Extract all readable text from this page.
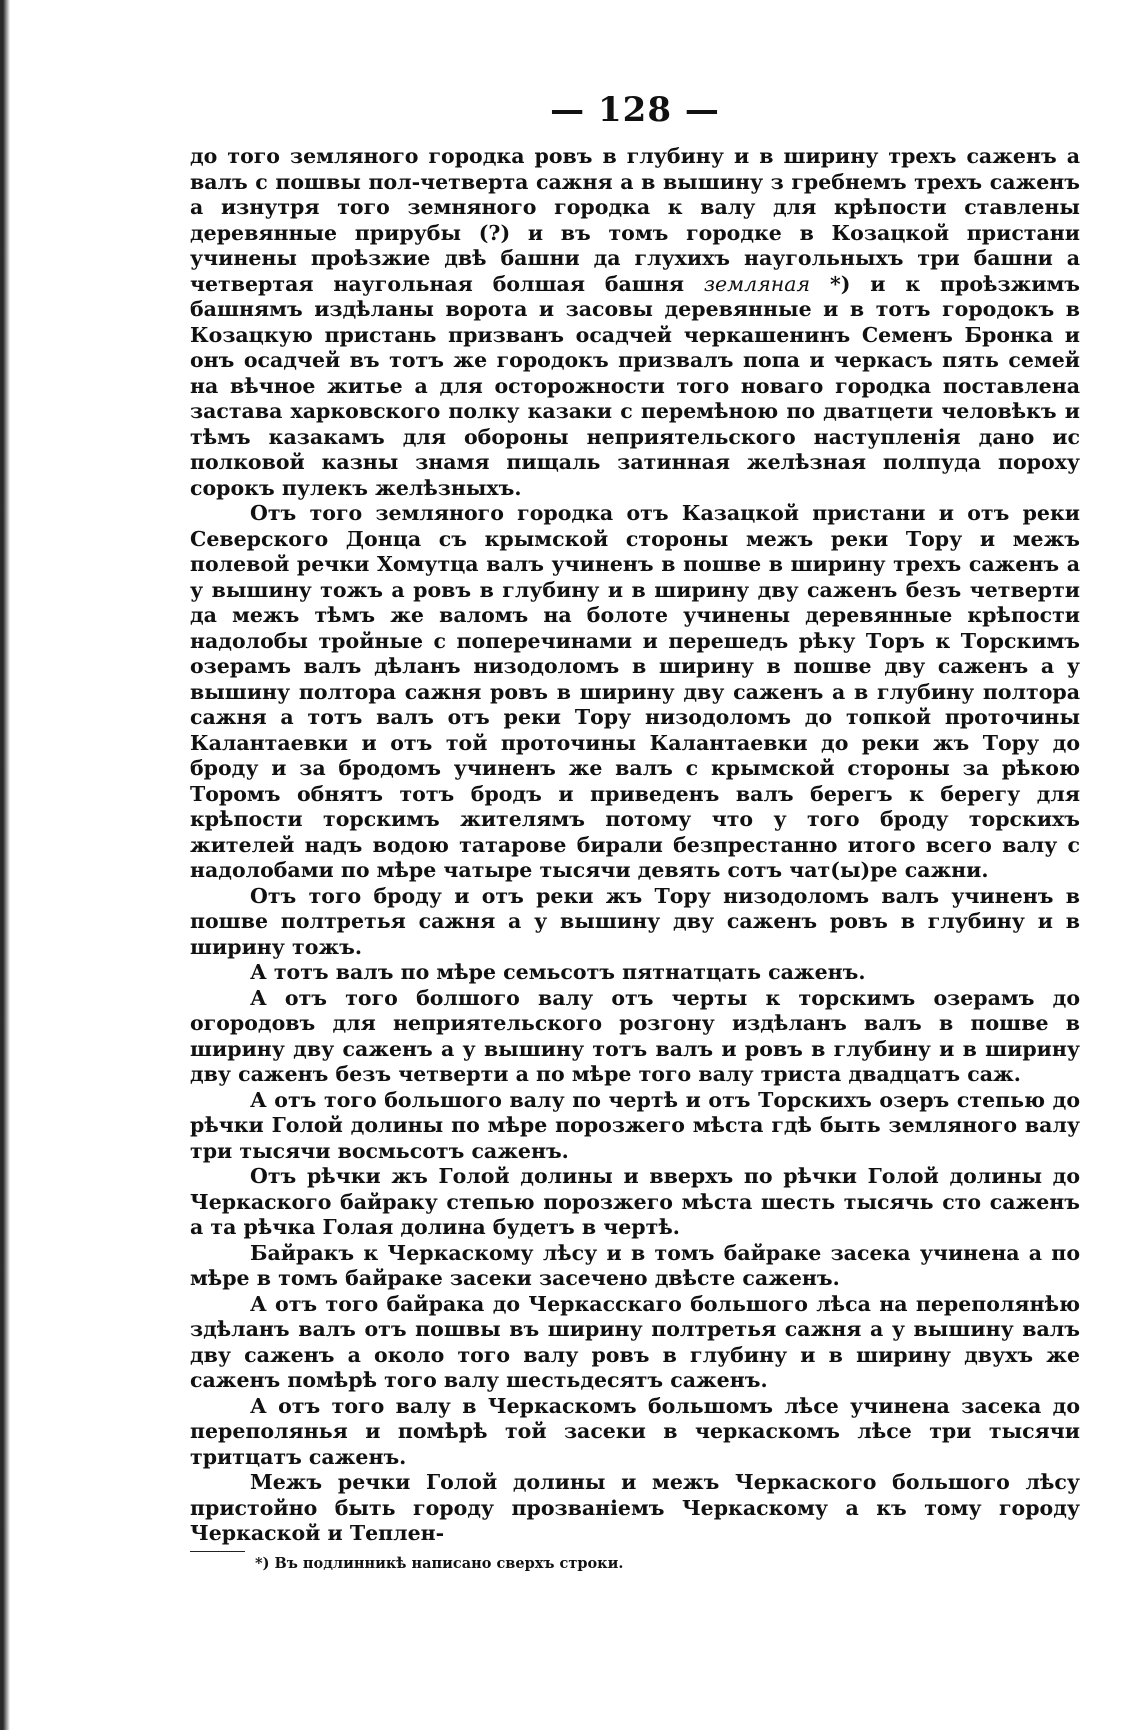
— 128 —

до того земляного городка ровъ в глубину и в ширину трехъ саженъ а валъ с пошвы пол-четверта сажня а в вышину з гребнемъ трехъ саженъ а изнутря того земняного городка к валу для крѣпости ставлены деревянные прирубы (?) и въ томъ городке в Козацкой пристани учинены проѣзжие двѣ башни да глухихъ наугольныхъ три башни а четвертая наугольная болшая башня земляная *) и к проѣзжимъ башнямъ издѣланы ворота и засовы деревянные и в тотъ городокъ в Козацкую пристань призванъ осадчей черкашенинъ Семенъ Бронка и онъ осадчей въ тотъ же городокъ призвалъ попа и черкасъ пять семей на вѣчное житье а для осторожности того новаго городка поставлена застава харковского полку казаки с перемѣною по дватцети человѣкъ и тѣмъ казакамъ для обороны неприятельского наступленія дано ис полковой казны знамя пищаль затинная желѣзная полпуда пороху сорокъ пулекъ желѣзныхъ.

Отъ того земляного городка отъ Казацкой пристани и отъ реки Северского Донца съ крымской стороны межъ реки Тору и межъ полевой речки Хомутца валъ учиненъ в пошве в ширину трехъ саженъ а у вышину тожъ а ровъ в глубину и в ширину дву саженъ безъ четверти да межъ тѣмъ же валомъ на болоте учинены деревянные крѣпости надолобы тройные с поперечинами и перешедъ рѣку Торъ к Торскимъ озерамъ валъ дѣланъ низодоломъ в ширину в пошве дву саженъ а у вышину полтора сажня ровъ в ширину дву саженъ а в глубину полтора сажня а тотъ валъ отъ реки Тору низодоломъ до топкой проточины Калантаевки и отъ той проточины Калантаевки до реки жъ Тору до броду и за бродомъ учиненъ же валъ с крымской стороны за рѣкою Торомъ обнятъ тотъ бродъ и приведенъ валъ берегъ к берегу для крѣпости торскимъ жителямъ потому что у того броду торскихъ жителей надъ водою татарове бирали безпрестанно итого всего валу с надолобами по мѣре чатыре тысячи девять сотъ чат(ы)ре сажни.

Отъ того броду и отъ реки жъ Тору низодоломъ валъ учиненъ в пошве полтретья сажня а у вышину дву саженъ ровъ в глубину и в ширину тожъ.

А тотъ валъ по мѣре семьсотъ пятнатцать саженъ.

А отъ того болшого валу отъ черты к торскимъ озерамъ до огородовъ для неприятельского розгону издѣланъ валъ в пошве в ширину дву саженъ а у вышину тотъ валъ и ровъ в глубину и в ширину дву саженъ безъ четверти а по мѣре того валу триста двадцатъ саж.

А отъ того большого валу по чертѣ и отъ Торскихъ озеръ степью до рѣчки Голой долины по мѣре порозжего мѣста гдѣ быть земляного валу три тысячи восмьсотъ саженъ.

Отъ рѣчки жъ Голой долины и вверхъ по рѣчки Голой долины до Черкаского байраку степью порозжего мѣста шесть тысячь сто саженъ а та рѣчка Голая долина будетъ в чертѣ.

Байракъ к Черкаскому лѣсу и в томъ байраке засека учинена а по мѣре в томъ байраке засеки засечено двѣсте саженъ.

А отъ того байрака до Черкасскаго большого лѣса на переполянѣю здѣланъ валъ отъ пошвы въ ширину полтретья сажня а у вышину валъ дву саженъ а около того валу ровъ в глубину и в ширину двухъ же саженъ помѣрѣ того валу шестьдесятъ саженъ.

А отъ того валу в Черкаскомъ большомъ лѣсе учинена засека до переполянья и помѣрѣ той засеки в черкаскомъ лѣсе три тысячи тритцатъ саженъ.

Межъ речки Голой долины и межъ Черкаского большого лѣсу пристойно быть городу прозваніемъ Черкаскому а къ тому городу Черкаской и Теплен-

*) Въ подлинникѣ написано сверхъ строки.
